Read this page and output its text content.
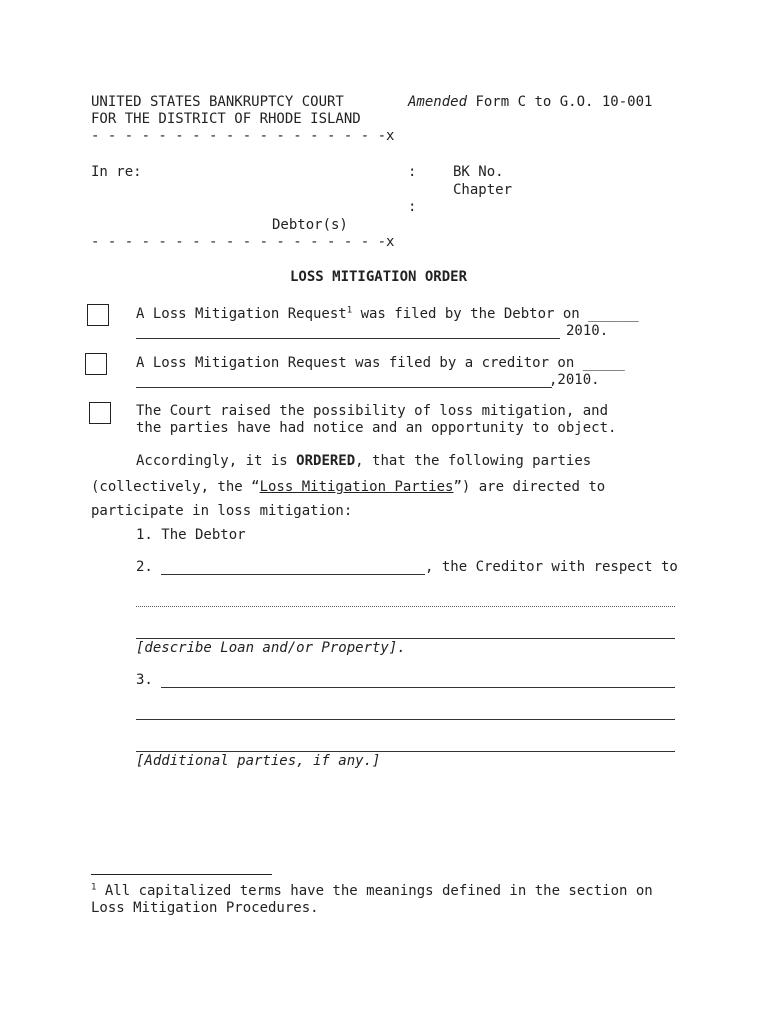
UNITED STATES BANKRUPTCY COURT	Amended Form C to G.O. 10-001
FOR THE DISTRICT OF RHODE ISLAND
- - - - - - - - - - - - - - - - - -x
In re:	:	BK No.
Chapter
:
Debtor(s)
- - - - - - - - - - - - - - - - - -x
LOSS MITIGATION ORDER
A Loss Mitigation Request$^1$ was filed by the Debtor on ______
2010.
A Loss Mitigation Request was filed by a creditor on _____
,2010.
The Court raised the possibility of loss mitigation, and
the parties have had notice and an opportunity to object.
Accordingly, it is ORDERED, that the following parties
(collectively, the “Loss Mitigation Parties”) are directed to
participate in loss mitigation:
1. The Debtor
2.	, the Creditor with respect to
[describe Loan and/or Property].
3.
[Additional parties, if any.]
$^1$ All capitalized terms have the meanings defined in the section on
Loss Mitigation Procedures.
